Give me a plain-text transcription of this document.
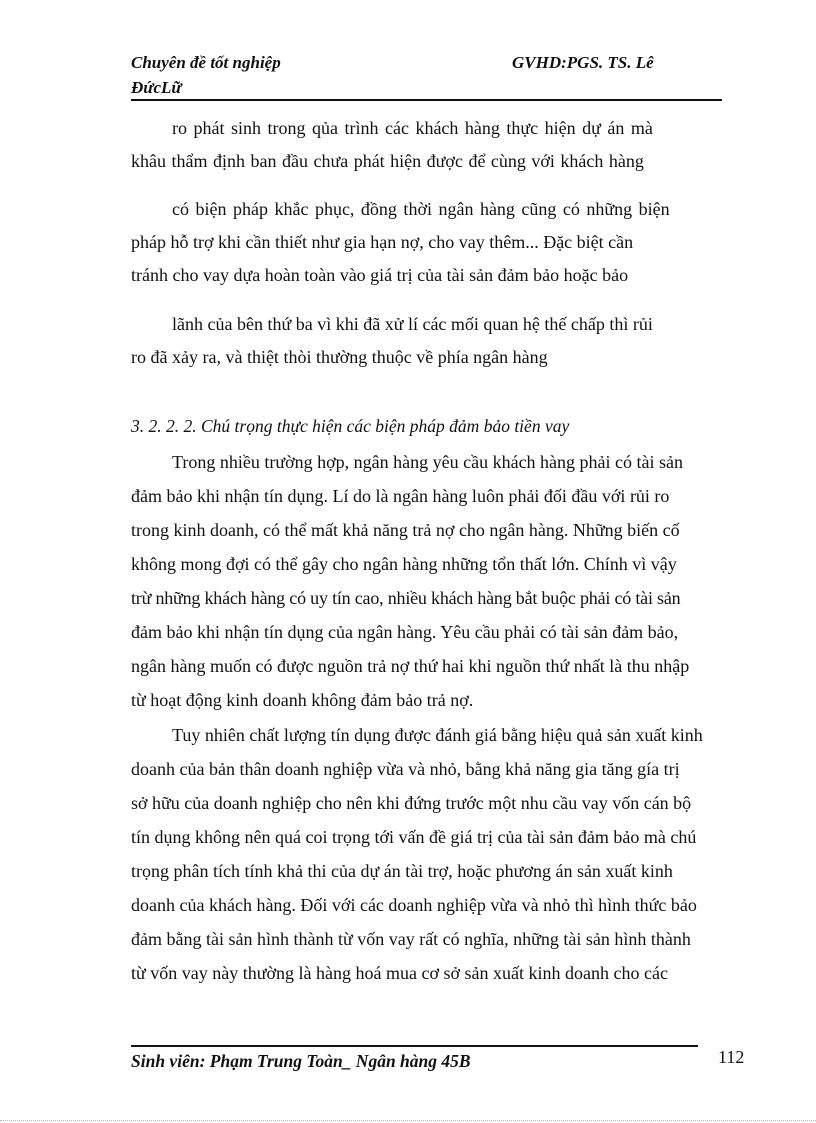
Chuyên đề tốt nghiệp	GVHD:PGS. TS. Lê
ĐứcLữ
ro phát sinh trong qủa trình các khách hàng thực hiện dự án mà
khâu thẩm định ban đầu chưa phát hiện được để cùng với khách hàng
có biện pháp khắc phục, đồng thời ngân hàng cũng có những biện
pháp hỗ trợ khi cần thiết như gia hạn nợ, cho vay thêm... Đặc biệt cần
tránh cho vay dựa hoàn toàn vào giá trị của tài sản đảm bảo hoặc bảo
lãnh của bên thứ ba vì khi đã xử lí các mối quan hệ thế chấp thì rủi
ro đã xảy ra, và thiệt thòi thường thuộc về phía ngân hàng
3. 2. 2. 2. Chú trọng thực hiện các biện pháp đảm bảo tiền vay
Trong nhiều trường hợp, ngân hàng yêu cầu khách hàng phải có tài sản
đảm bảo khi nhận tín dụng. Lí do là ngân hàng luôn phải đối đầu với rủi ro
trong kinh doanh, có thể mất khả năng trả nợ cho ngân hàng. Những biến cố
không mong đợi có thể gây cho ngân hàng những tổn thất lớn. Chính vì vậy
trừ những khách hàng có uy tín cao, nhiều khách hàng bắt buộc phải có tài sản
đảm bảo khi nhận tín dụng của ngân hàng. Yêu cầu phải có tài sản đảm bảo,
ngân hàng muốn có được nguồn trả nợ thứ hai khi nguồn thứ nhất là thu nhập
từ hoạt động kinh doanh không đảm bảo trả nợ.
Tuy nhiên chất lượng tín dụng được đánh giá bằng hiệu quả sản xuất kinh
doanh của bản thân doanh nghiệp vừa và nhỏ, bằng khả năng gia tăng gía trị
sở hữu của doanh nghiệp cho nên khi đứng trước một nhu cầu vay vốn cán bộ
tín dụng không nên quá coi trọng tới vấn đề giá trị của tài sản đảm bảo mà chú
trọng phân tích tính khả thi của dự án tài trợ, hoặc phương án sản xuất kinh
doanh của khách hàng. Đối với các doanh nghiệp vừa và nhỏ thì hình thức bảo
đảm bằng tài sản hình thành từ vốn vay rất có nghĩa, những tài sản hình thành
từ vốn vay này thường là hàng hoá mua cơ sở sản xuất kinh doanh cho các
Sinh viên: Phạm Trung Toàn_ Ngân hàng 45B	112
